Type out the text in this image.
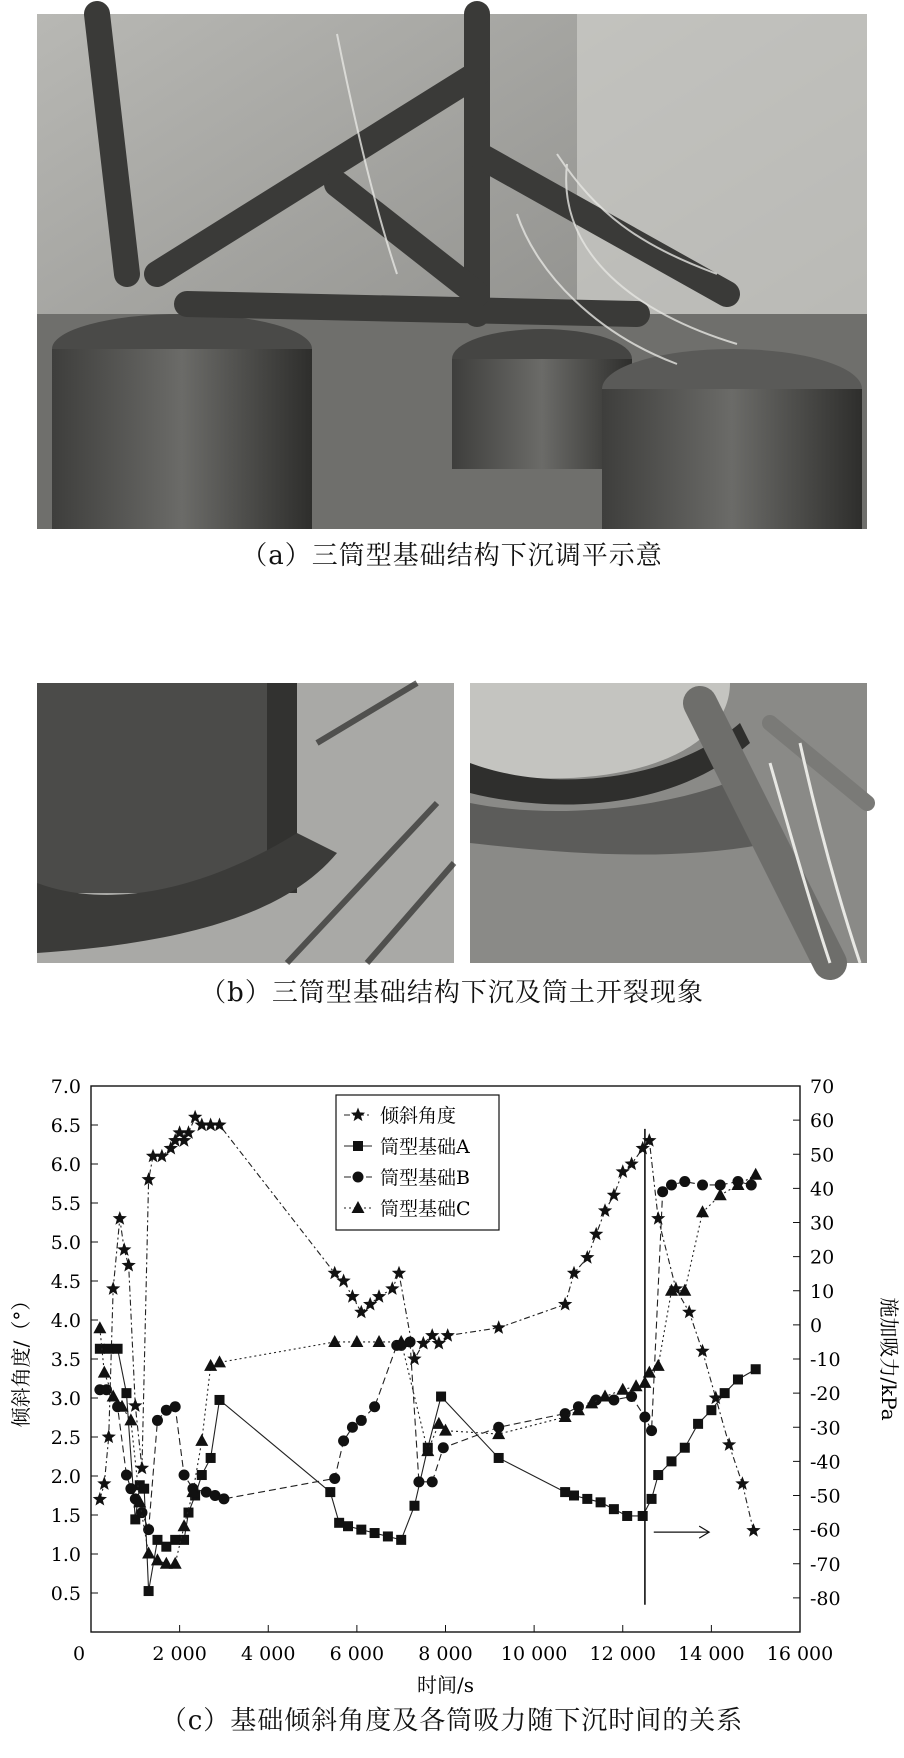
（a）三筒型基础结构下沉调平示意
（b）三筒型基础结构下沉及筒土开裂现象
2 000 4 000 6 000 8 000 10 000 12 000 14 000 16 000
0
0.5
1.0
1.5
2.0
2.5
3.0
3.5
4.0
4.5
5.0
5.5
6.0
6.5
7.0
-80
-70
-60
-50
-40
-30
-20
-10
0
10
20
30
40
50
60
70
时间/s
倾斜角度/（°）	施加吸力/kPa
倾斜角度
筒型基础A
筒型基础B
筒型基础C
（c）基础倾斜角度及各筒吸力随下沉时间的关系
